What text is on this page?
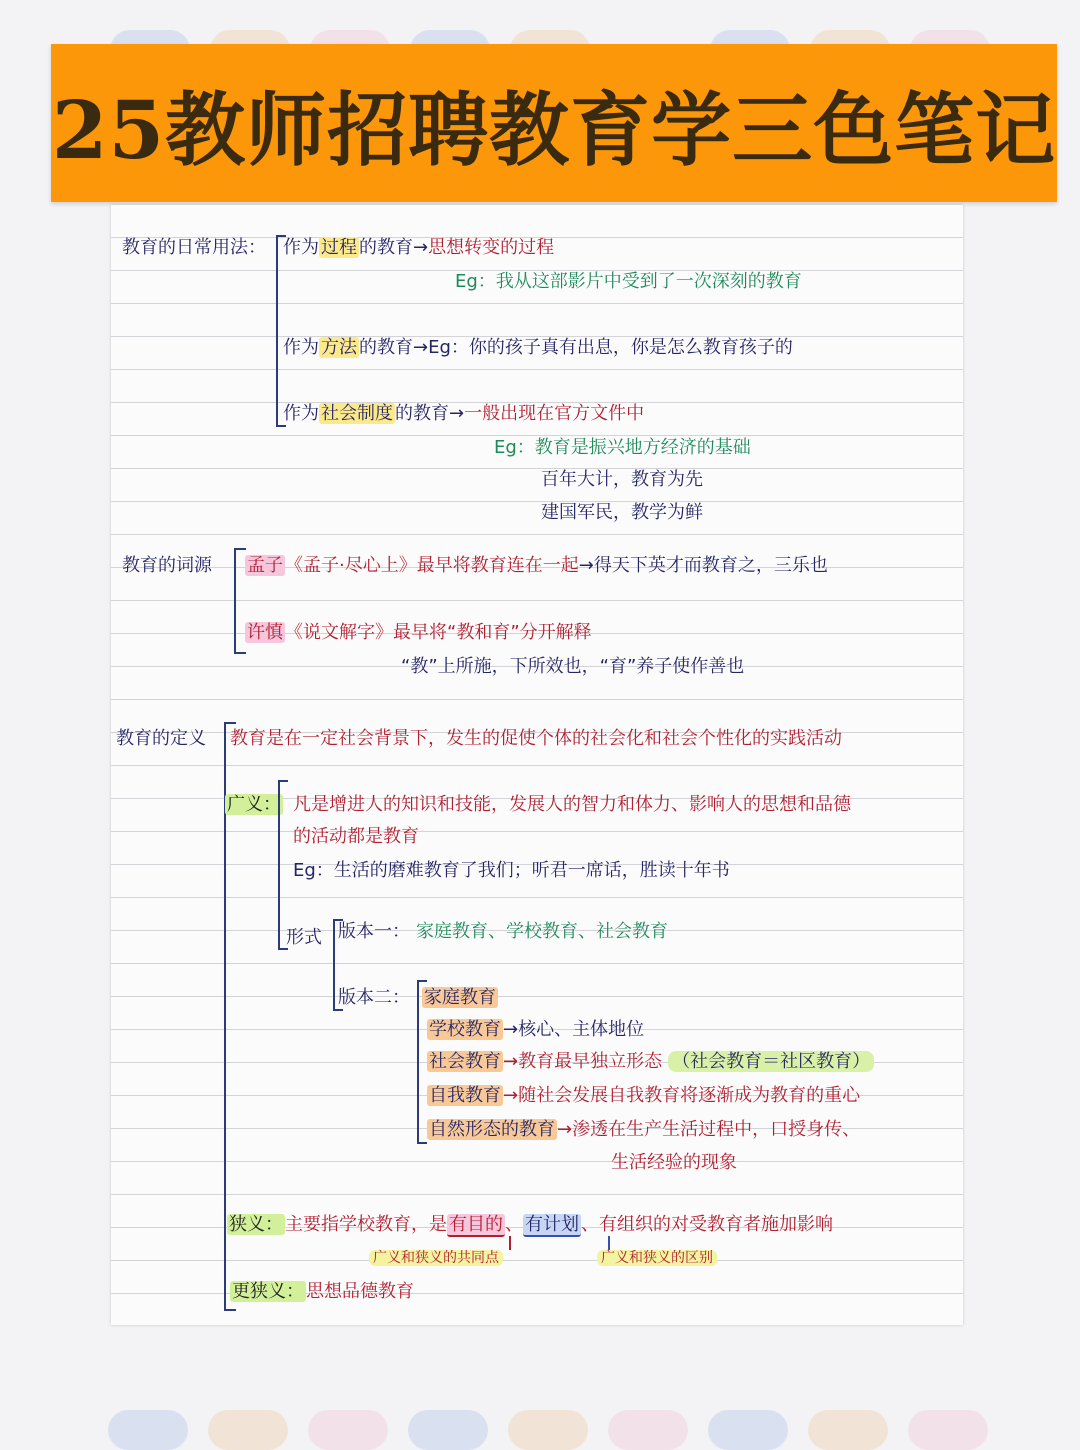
25教师招聘教育学三色笔记
教育的日常用法： 作为 过程 的教育→思想转变的过程
Eg：我从这部影片中受到了一次深刻的教育
作为 方法 的教育→Eg：你的孩子真有出息，你是怎么教育孩子的
作为 社会制度 的教育→一般出现在官方文件中
Eg：教育是振兴地方经济的基础
百年大计，教育为先
建国军民，教学为鲜
教育的词源 孟子 《孟子·尽心上》最早将教育连在一起→得天下英才而教育之，三乐也
许慎 《说文解字》最早将“教和育”分开解释
“教”上所施，下所效也，“育”养子使作善也
教育的定义 教育是在一定社会背景下，发生的促使个体的社会化和社会个性化的实践活动
广义： 凡是增进人的知识和技能，发展人的智力和体力、影响人的思想和品德
的活动都是教育
Eg：生活的磨难教育了我们；听君一席话，胜读十年书
形式 版本一： 家庭教育、学校教育、社会教育
版本二： 家庭教育
学校教育 →核心、主体地位
社会教育 →教育最早独立形态 （社会教育＝社区教育）
自我教育 →随社会发展自我教育将逐渐成为教育的重心
自然形态的教育 →渗透在生产生活过程中，口授身传、
生活经验的现象
狭义： 主要指学校教育，是 有目的 、 有计划 、有组织的对受教育者施加影响
广义和狭义的共同点	广义和狭义的区别
更狭义： 思想品德教育
